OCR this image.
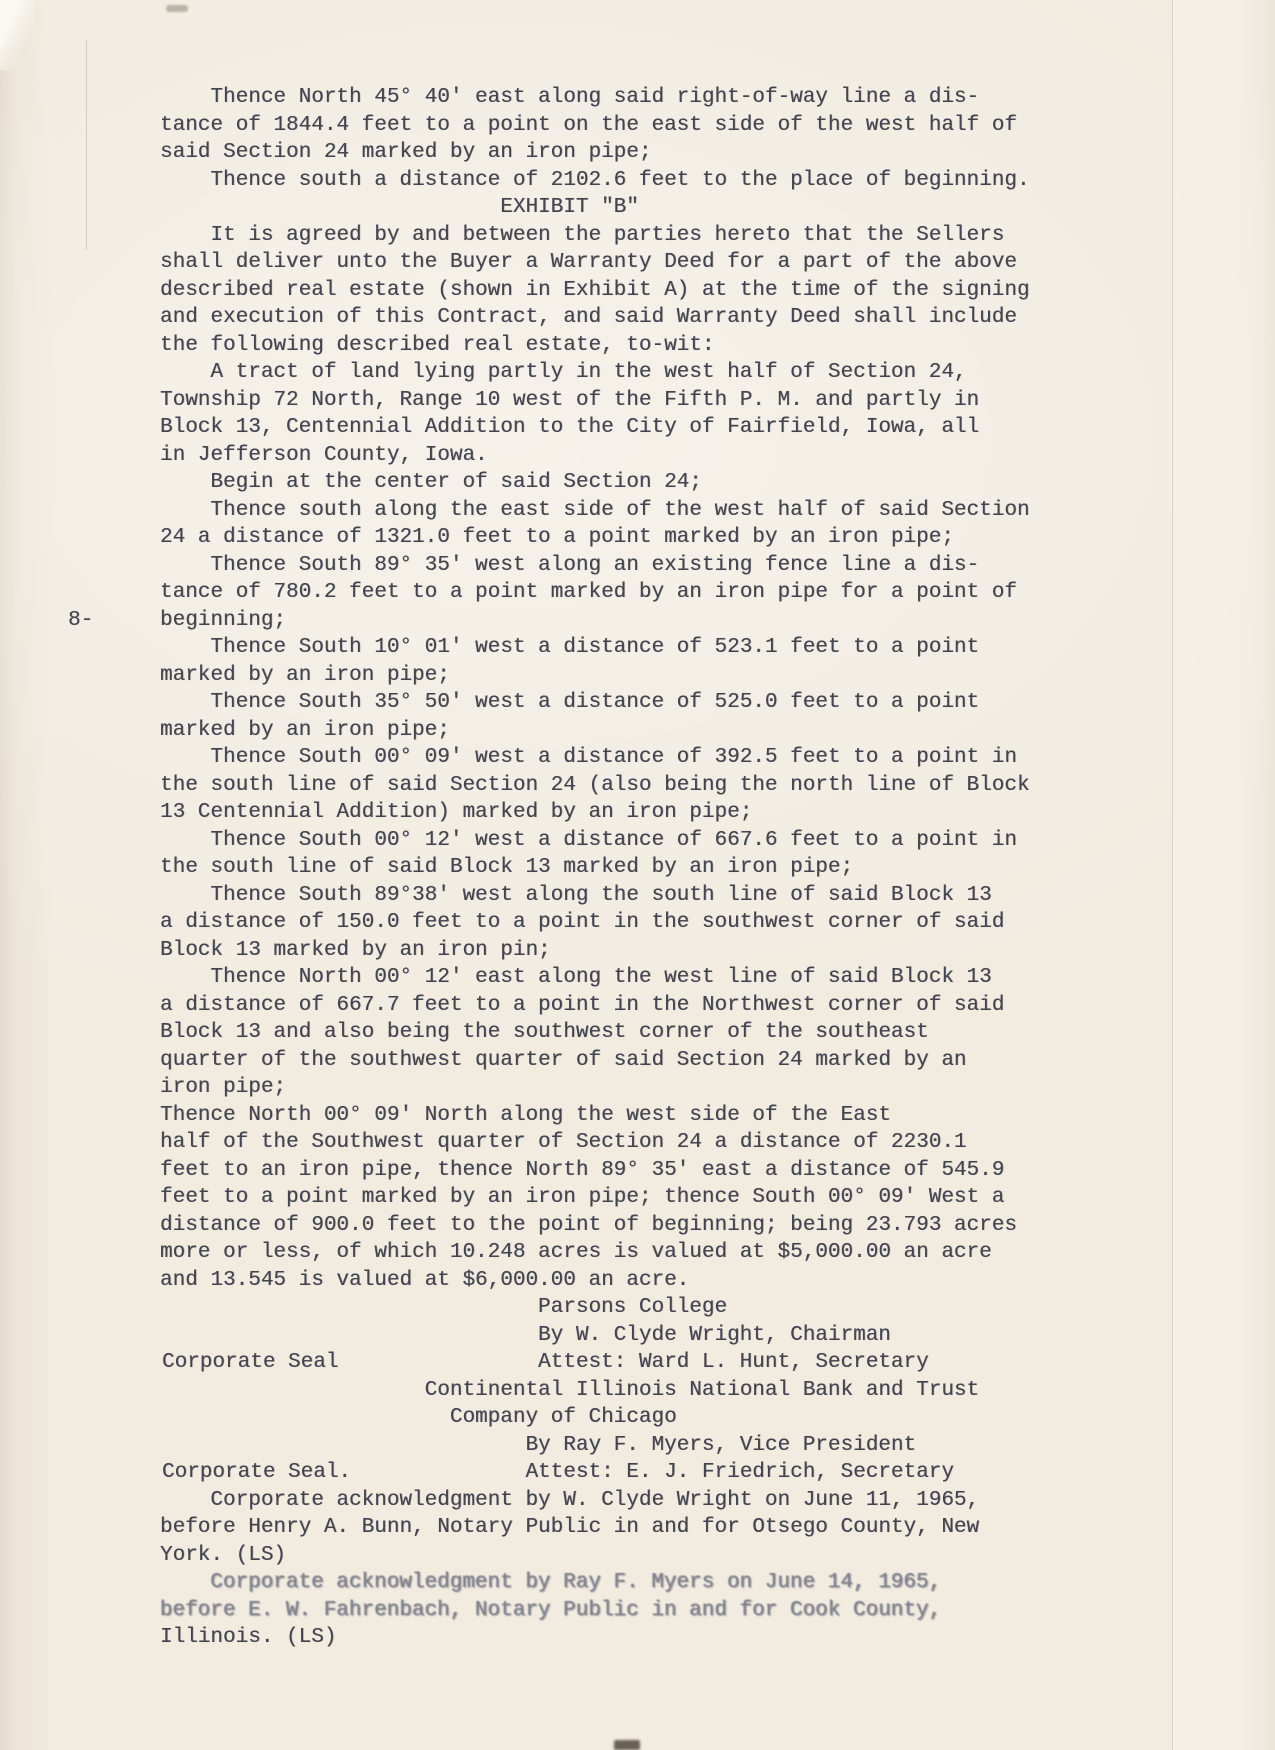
Thence North 45° 40' east along said right-of-way line a dis-
tance of 1844.4 feet to a point on the east side of the west half of
said Section 24 marked by an iron pipe;
Thence south a distance of 2102.6 feet to the place of beginning.
EXHIBIT "B"
It is agreed by and between the parties hereto that the Sellers
shall deliver unto the Buyer a Warranty Deed for a part of the above
described real estate (shown in Exhibit A) at the time of the signing
and execution of this Contract, and said Warranty Deed shall include
the following described real estate, to-wit:
A tract of land lying partly in the west half of Section 24,
Township 72 North, Range 10 west of the Fifth P. M. and partly in
Block 13, Centennial Addition to the City of Fairfield, Iowa, all
in Jefferson County, Iowa.
Begin at the center of said Section 24;
Thence south along the east side of the west half of said Section
24 a distance of 1321.0 feet to a point marked by an iron pipe;
Thence South 89° 35' west along an existing fence line a dis-
tance of 780.2 feet to a point marked by an iron pipe for a point of
8-	beginning;
Thence South 10° 01' west a distance of 523.1 feet to a point
marked by an iron pipe;
Thence South 35° 50' west a distance of 525.0 feet to a point
marked by an iron pipe;
Thence South 00° 09' west a distance of 392.5 feet to a point in
the south line of said Section 24 (also being the north line of Block
13 Centennial Addition) marked by an iron pipe;
Thence South 00° 12' west a distance of 667.6 feet to a point in
the south line of said Block 13 marked by an iron pipe;
Thence South 89°38' west along the south line of said Block 13
a distance of 150.0 feet to a point in the southwest corner of said
Block 13 marked by an iron pin;
Thence North 00° 12' east along the west line of said Block 13
a distance of 667.7 feet to a point in the Northwest corner of said
Block 13 and also being the southwest corner of the southeast
quarter of the southwest quarter of said Section 24 marked by an
iron pipe;
Thence North 00° 09' North along the west side of the East
half of the Southwest quarter of Section 24 a distance of 2230.1
feet to an iron pipe, thence North 89° 35' east a distance of 545.9
feet to a point marked by an iron pipe; thence South 00° 09' West a
distance of 900.0 feet to the point of beginning; being 23.793 acres
more or less, of which 10.248 acres is valued at $5,000.00 an acre
and 13.545 is valued at $6,000.00 an acre.
Parsons College
By W. Clyde Wright, Chairman
Corporate Seal	Attest: Ward L. Hunt, Secretary
Continental Illinois National Bank and Trust
Company of Chicago
By Ray F. Myers, Vice President
Corporate Seal.	Attest: E. J. Friedrich, Secretary
Corporate acknowledgment by W. Clyde Wright on June 11, 1965,
before Henry A. Bunn, Notary Public in and for Otsego County, New
York. (LS)
Corporate acknowledgment by Ray F. Myers on June 14, 1965,
before E. W. Fahrenbach, Notary Public in and for Cook County,
Illinois. (LS)
